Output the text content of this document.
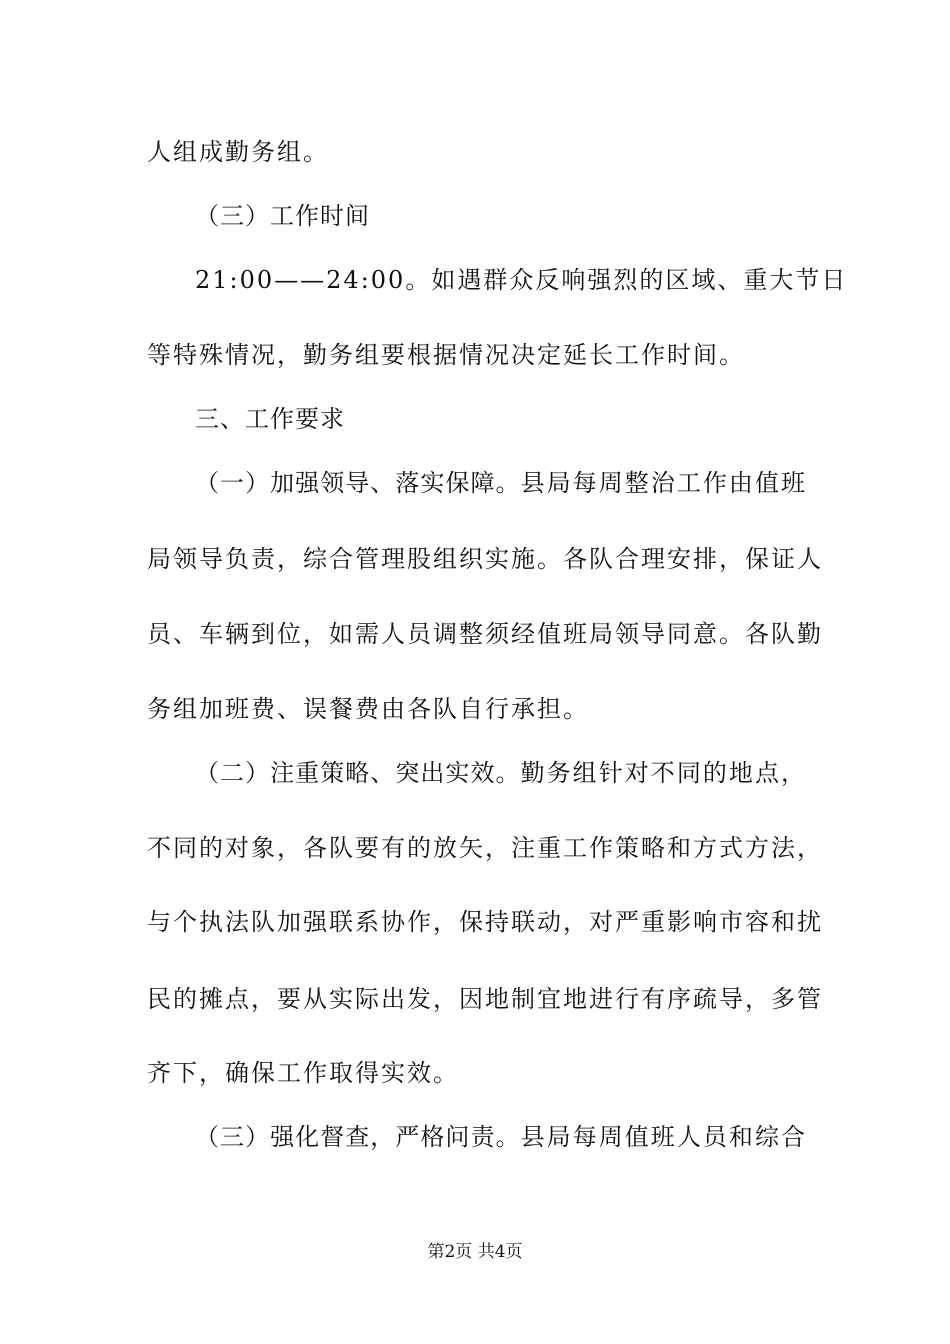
人组成勤务组。
（三）工作时间
21:00——24:00。如遇群众反响强烈的区域、重大节日
等特殊情况，勤务组要根据情况决定延长工作时间。
三、工作要求
（一）加强领导、落实保障。县局每周整治工作由值班
局领导负责，综合管理股组织实施。各队合理安排，保证人
员、车辆到位，如需人员调整须经值班局领导同意。各队勤
务组加班费、误餐费由各队自行承担。
（二）注重策略、突出实效。勤务组针对不同的地点，
不同的对象，各队要有的放矢，注重工作策略和方式方法，
与个执法队加强联系协作，保持联动，对严重影响市容和扰
民的摊点，要从实际出发，因地制宜地进行有序疏导，多管
齐下，确保工作取得实效。
（三）强化督查，严格问责。县局每周值班人员和综合
第2页 共4页
